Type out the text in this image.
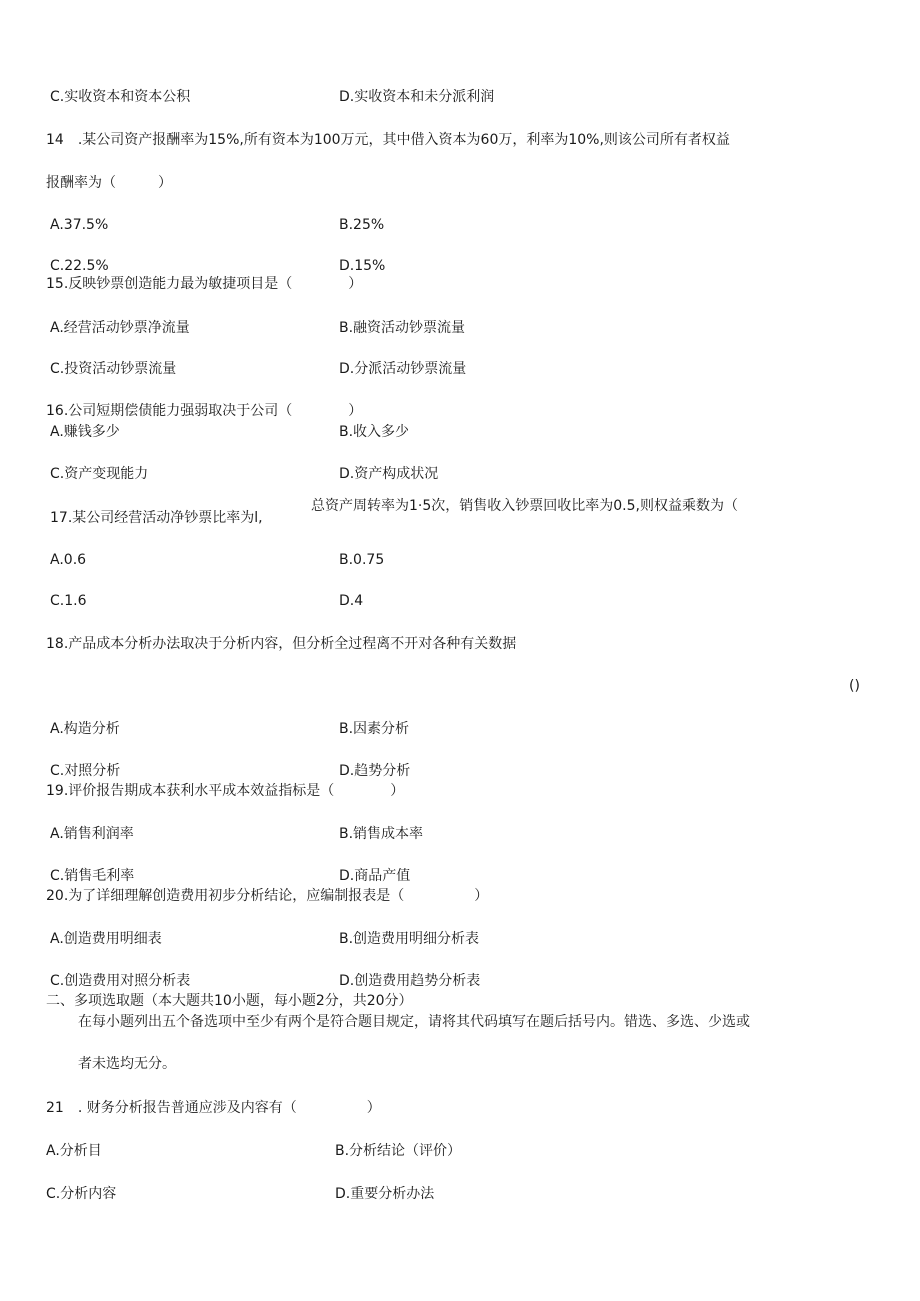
C.实收资本和资本公积	D.实收资本和未分派利润
14　.某公司资产报酬率为15%,所有资本为100万元，其中借入资本为60万，利率为10%,则该公司所有者权益
报酬率为（　　　）
A.37.5%	B.25%
C.22.5%	D.15%
15.反映钞票创造能力最为敏捷项目是（　　　　）
A.经营活动钞票净流量	B.融资活动钞票流量
C.投资活动钞票流量	D.分派活动钞票流量
16.公司短期偿债能力强弱取决于公司（　　　　）
A.赚钱多少	B.收入多少
C.资产变现能力	D.资产构成状况
17.某公司经营活动净钞票比率为l,
总资产周转率为1·5次，销售收入钞票回收比率为0.5,则权益乘数为（
A.0.6	B.0.75
C.1.6	D.4
18.产品成本分析办法取决于分析内容，但分析全过程离不开对各种有关数据
()
A.构造分析	B.因素分析
C.对照分析	D.趋势分析
19.评价报告期成本获利水平成本效益指标是（　　　　）
A.销售利润率	B.销售成本率
C.销售毛利率	D.商品产值
20.为了详细理解创造费用初步分析结论，应编制报表是（　　　　　）
A.创造费用明细表	B.创造费用明细分析表
C.创造费用对照分析表	D.创造费用趋势分析表
二、多项选取题（本大题共10小题，每小题2分，共20分）
在每小题列出五个备选项中至少有两个是符合题目规定，请将其代码填写在题后括号内。错选、多选、少选或
者未选均无分。
21　. 财务分析报告普通应涉及内容有（　　　　　）
A.分析目	B.分析结论（评价）
C.分析内容	D.重要分析办法
